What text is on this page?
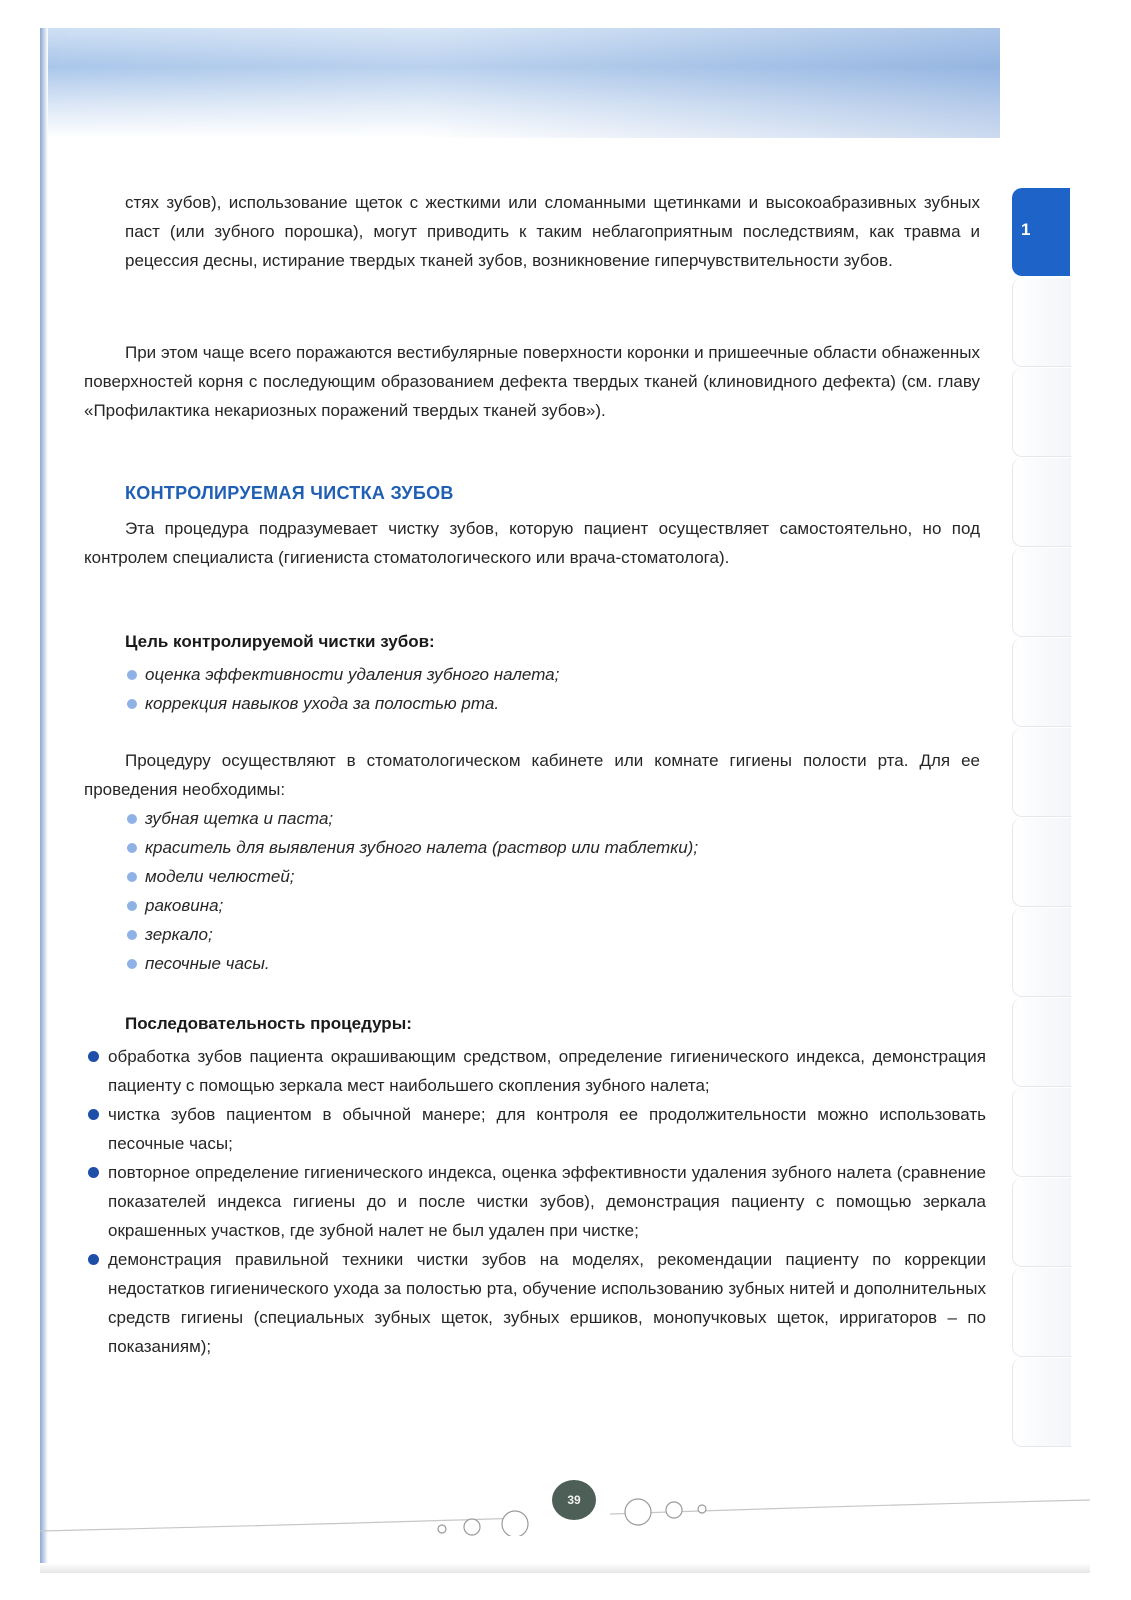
1

стях зубов), использование щеток с жесткими или сломанными щетинками и высокоабразивных зубных паст (или зубного порошка), могут приводить к таким неблагоприятным последствиям, как травма и рецессия десны, истирание твердых тканей зубов, возникновение гиперчувствительности зубов.

При этом чаще всего поражаются вестибулярные поверхности коронки и пришеечные области обнаженных поверхностей корня с последующим образованием дефекта твердых тканей (клиновидного дефекта) (см. главу «Профилактика некариозных поражений твердых тканей зубов»).

КОНТРОЛИРУЕМАЯ ЧИСТКА ЗУБОВ

Эта процедура подразумевает чистку зубов, которую пациент осуществляет самостоятельно, но под контролем специалиста (гигиениста стоматологического или врача-стоматолога).

Цель контролируемой чистки зубов:

оценка эффективности удаления зубного налета;
коррекция навыков ухода за полостью рта.

Процедуру осуществляют в стоматологическом кабинете или комнате гигиены полости рта. Для ее проведения необходимы:

зубная щетка и паста;
краситель для выявления зубного налета (раствор или таблетки);
модели челюстей;
раковина;
зеркало;
песочные часы.

Последовательность процедуры:

обработка зубов пациента окрашивающим средством, определение гигиенического индекса, демонстрация пациенту с помощью зеркала мест наибольшего скопления зубного налета;
чистка зубов пациентом в обычной манере; для контроля ее продолжительности можно использовать песочные часы;
повторное определение гигиенического индекса, оценка эффективности удаления зубного налета (сравнение показателей индекса гигиены до и после чистки зубов), демонстрация пациенту с помощью зеркала окрашенных участков, где зубной налет не был удален при чистке;
демонстрация правильной техники чистки зубов на моделях, рекомендации пациенту по коррекции недостатков гигиенического ухода за полостью рта, обучение использованию зубных нитей и дополнительных средств гигиены (специальных зубных щеток, зубных ершиков, монопучковых щеток, ирригаторов – по показаниям);
39
